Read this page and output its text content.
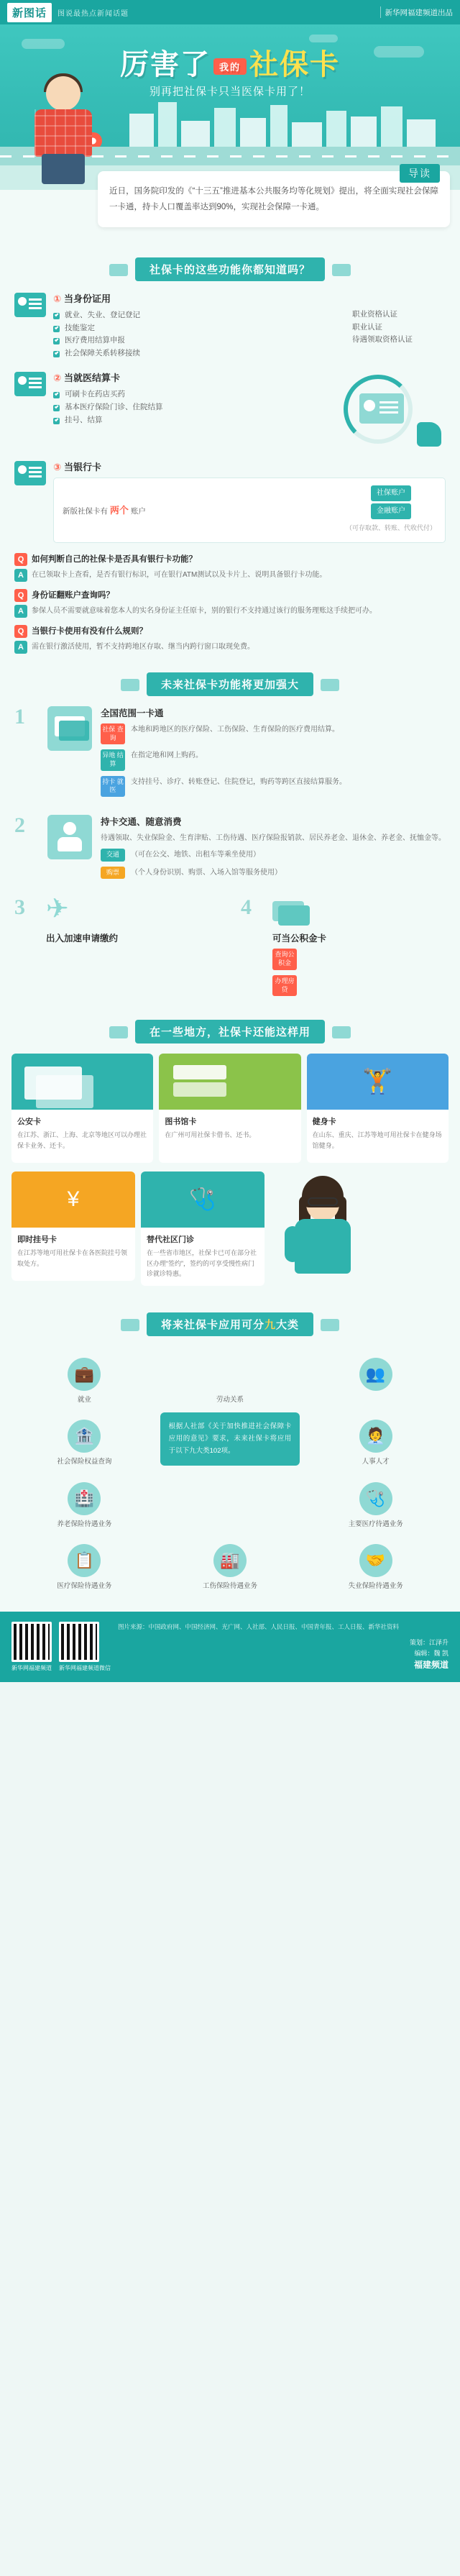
新图话	图说最热点新闻话题	新华网福建频道出品
厉害了 我的 社保卡
别再把社保卡只当医保卡用了！
导读

近日，国务院印发的《“十三五”推进基本公共服务均等化规划》提出，将全面实现社会保障一卡通，持卡人口覆盖率达到90%，实现社会保障一卡通。

社保卡的这些功能你都知道吗？
① 当身份证用
就业、失业、登记登记
技能鉴定
医疗费用结算申报
社会保障关系转移接续
职业资格认证
职业认证
待遇领取资格认证
② 当就医结算卡
可刷卡在药店买药
基本医疗保险门诊、住院结算
挂号、结算
③ 当银行卡
新版社保卡有 两个 账户
社保账户
金融账户
（可存取款、转账、代收代付）
Q 如何判断自己的社保卡是否具有银行卡功能？
A	在已领取卡上查看，是否有银行标识，可在银行ATM测试以及卡片上、说明具备银行卡功能。
Q 身份证翻账户查询吗？
A	参保人员不需要就意味着您本人的实名身份证主任原卡，别的银行不支持通过该行的服务理账这手续把可办。
Q 当银行卡使用有没有什么规则？
A	需在银行激活使用，暂不支持跨地区存取、继当内跨行窗口取现免费。
未来社保卡功能将更加强大
1	全国范围一卡通
社保 查询
本地和跨地区的医疗保险、工伤保险、生育保险的医疗费用结算。
异地 结算
在指定地和网上购药。
持卡 就医
支持挂号、诊疗、转账登记、住院登记，购药等跨区直接结算服务。
2	持卡交通、随意消费
待遇领取、失业保险金、生育津贴、工伤待遇、医疗保险报销款、居民养老金、退休金、养老金、抚恤金等。
交通	（可在公交、地铁、出租车等乘坐使用）
购票	（个人身份识别、购票、入场入馆等服务使用）
3
✈
出入加速申请缴约
4
可当公积金卡
查询公积金
办理房贷
在一些地方，社保卡还能这样用
公安卡
在江苏、浙江、上海、北京等地区可以办理社保卡业务、还卡。
图书馆卡
在广州可用社保卡借书、还书。
🏋
健身卡
在山东、重庆、江苏等地可用社保卡在健身场馆健身。
¥
即时挂号卡
在江苏等地可用社保卡在各医院挂号领取处方。
🩺
替代社区门诊
在一些省市地区，社保卡已可在部分社区办理“签约”，签约的可享受慢性病门诊就诊特惠。
将来社保卡应用可分九大类
💼
就业	劳动关系
👥

🏦
社会保险权益查询
根据人社部《关于加快推进社会保障卡应用的意见》要求，未来社保卡将应用于以下九大类102项。
🧑‍💼
人事人才
🏥
养老保险待遇业务

🩺
主要医疗待遇业务
📋
医疗保险待遇业务
🏭
工伤保险待遇业务
🤝
失业保险待遇业务
新华网福建频道 新华网福建频道微信
图片来源：中国政府网、中国经济网、光广网、人社部、人民日报、中国青年报、工人日报、新华社资料
策划：江泽升
编辑：魏 凯
福建频道
